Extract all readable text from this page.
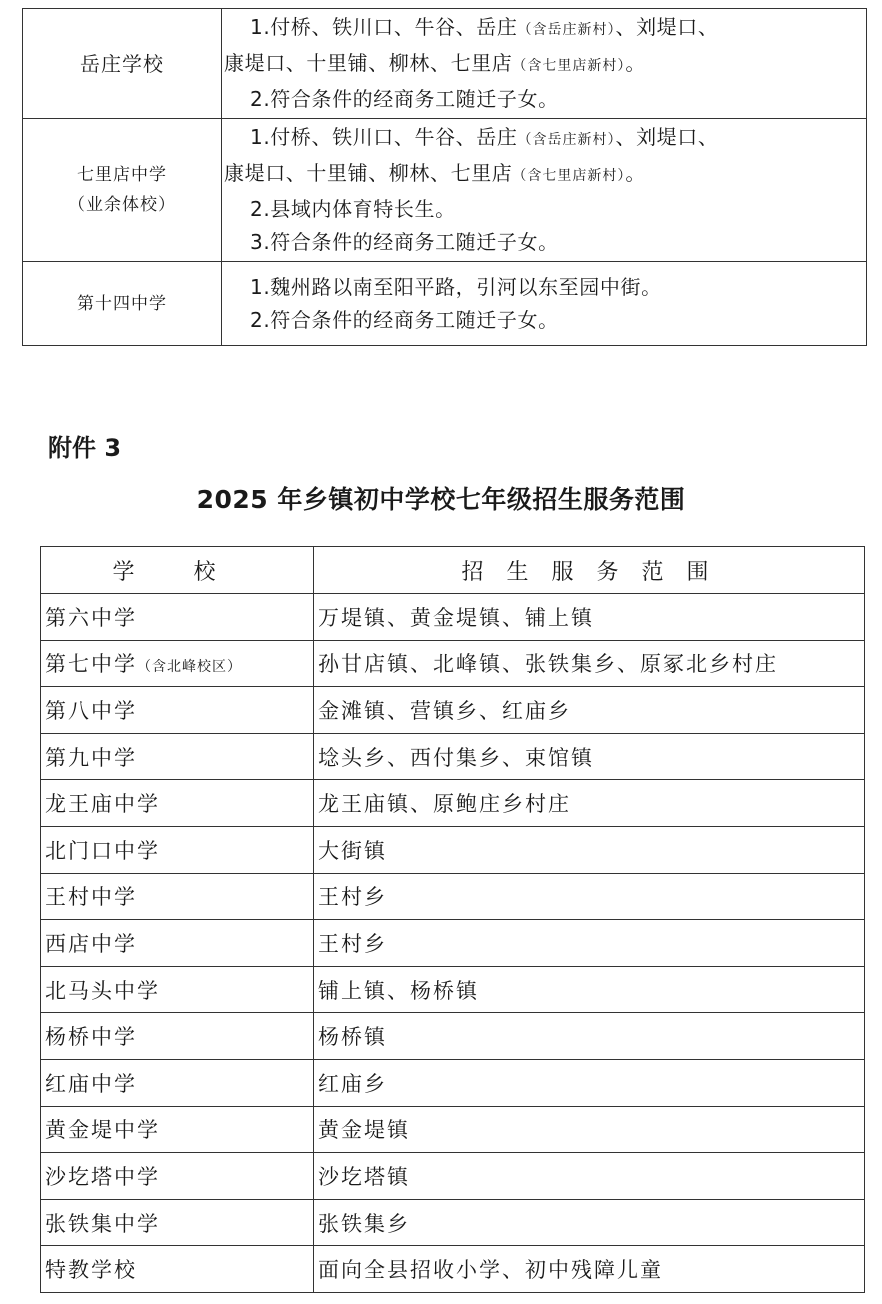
岳庄学校	1.付桥、铁川口、牛谷、岳庄（含岳庄新村）、刘堤口、
康堤口、十里铺、柳林、七里店（含七里店新村）。
2.符合条件的经商务工随迁子女。

七里店中学
（业余体校）	1.付桥、铁川口、牛谷、岳庄（含岳庄新村）、刘堤口、
康堤口、十里铺、柳林、七里店（含七里店新村）。
2.县域内体育特长生。
3.符合条件的经商务工随迁子女。

第十四中学	1.魏州路以南至阳平路，引河以东至园中街。
2.符合条件的经商务工随迁子女。

附件 3

2025 年乡镇初中学校七年级招生服务范围

学 校	招 生 服 务 范 围
第六中学	万堤镇、黄金堤镇、铺上镇
第七中学（含北峰校区）	孙甘店镇、北峰镇、张铁集乡、原冢北乡村庄
第八中学	金滩镇、营镇乡、红庙乡
第九中学	埝头乡、西付集乡、束馆镇
龙王庙中学	龙王庙镇、原鲍庄乡村庄
北门口中学	大街镇
王村中学	王村乡
西店中学	王村乡
北马头中学	铺上镇、杨桥镇
杨桥中学	杨桥镇
红庙中学	红庙乡
黄金堤中学	黄金堤镇
沙圪塔中学	沙圪塔镇
张铁集中学	张铁集乡
特教学校	面向全县招收小学、初中残障儿童
